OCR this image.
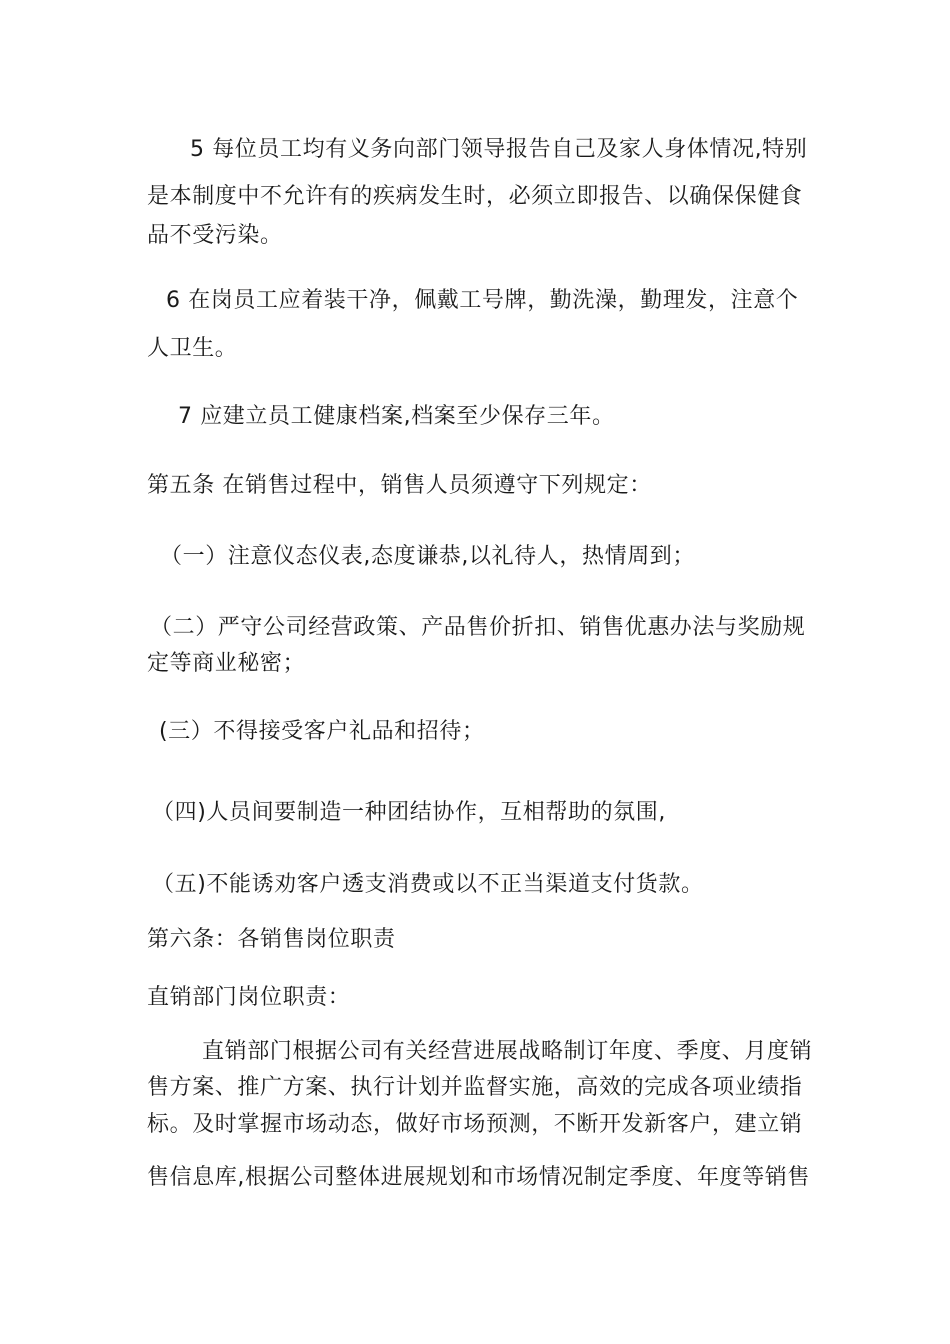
5 每位员工均有义务向部门领导报告自己及家人身体情况,特别
是本制度中不允许有的疾病发生时，必须立即报告、以确保保健食
品不受污染。
6 在岗员工应着装干净，佩戴工号牌，勤洗澡，勤理发，注意个
人卫生。
7 应建立员工健康档案,档案至少保存三年。
第五条 在销售过程中，销售人员须遵守下列规定：
（一）注意仪态仪表,态度谦恭,以礼待人，热情周到；
（二）严守公司经营政策、产品售价折扣、销售优惠办法与奖励规
定等商业秘密；
(三）不得接受客户礼品和招待；
（四)人员间要制造一种团结协作，互相帮助的氛围,
（五)不能诱劝客户透支消费或以不正当渠道支付货款。
第六条：各销售岗位职责
直销部门岗位职责：
直销部门根据公司有关经营进展战略制订年度、季度、月度销
售方案、推广方案、执行计划并监督实施，高效的完成各项业绩指
标。及时掌握市场动态，做好市场预测，不断开发新客户，建立销
售信息库,根据公司整体进展规划和市场情况制定季度、年度等销售
